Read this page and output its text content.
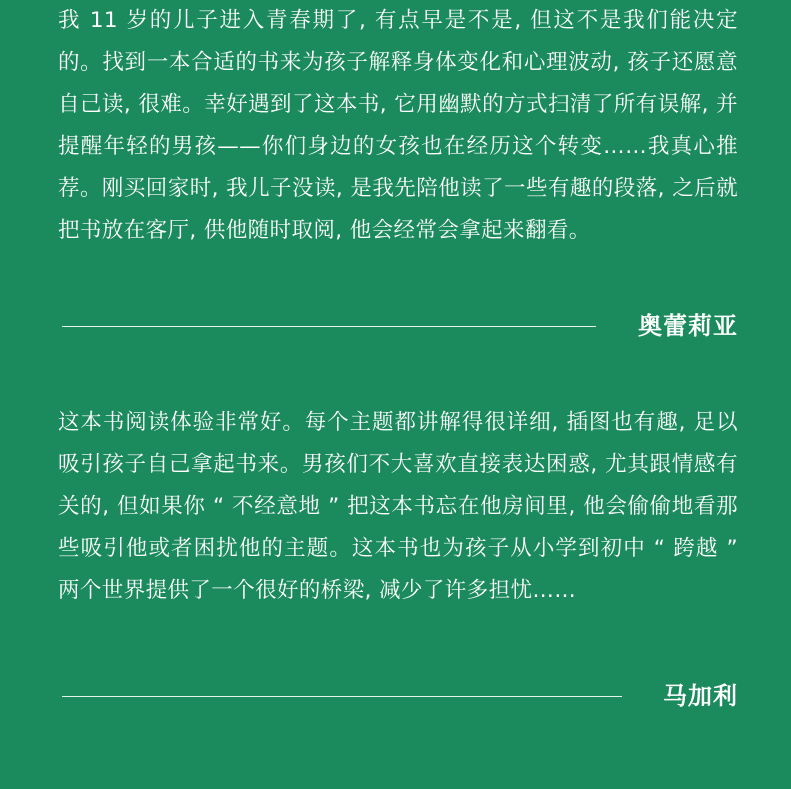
我 11 岁的儿子进入青春期了, 有点早是不是, 但这不是我们能决定的。找到一本合适的书来为孩子解释身体变化和心理波动, 孩子还愿意自己读, 很难。幸好遇到了这本书, 它用幽默的方式扫清了所有误解, 并提醒年轻的男孩——你们身边的女孩也在经历这个转变……我真心推荐。刚买回家时, 我儿子没读, 是我先陪他读了一些有趣的段落, 之后就把书放在客厅, 供他随时取阅, 他会经常会拿起来翻看。

奥蕾莉亚

这本书阅读体验非常好。每个主题都讲解得很详细, 插图也有趣, 足以吸引孩子自己拿起书来。男孩们不大喜欢直接表达困惑, 尤其跟情感有关的, 但如果你 “ 不经意地 ” 把这本书忘在他房间里, 他会偷偷地看那些吸引他或者困扰他的主题。这本书也为孩子从小学到初中 “ 跨越 ” 两个世界提供了一个很好的桥梁, 减少了许多担忧……

马加利
